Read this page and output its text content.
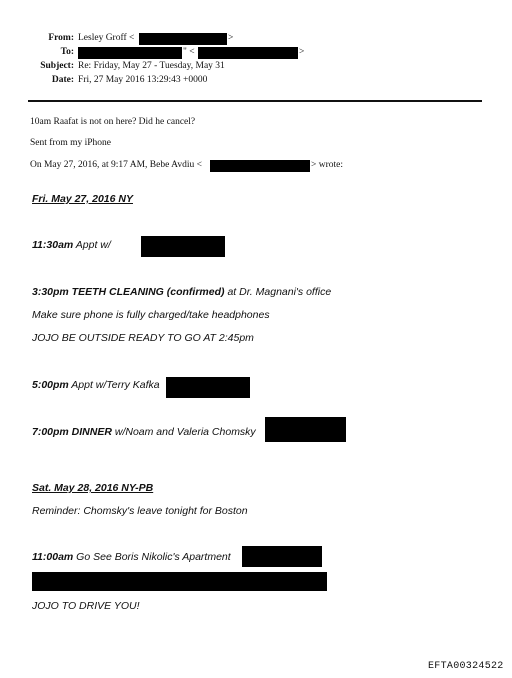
From: Lesley Groff <	>
To:	" <	>
Subject: Re: Friday, May 27 - Tuesday, May 31
Date: Fri, 27 May 2016 13:29:43 +0000
10am Raafat is not on here? Did he cancel?
Sent from my iPhone
On May 27, 2016, at 9:17 AM, Bebe Avdiu <	> wrote:
Fri. May 27, 2016 NY
11:30am Appt w/
3:30pm TEETH CLEANING (confirmed) at Dr. Magnani's office
Make sure phone is fully charged/take headphones
JOJO BE OUTSIDE READY TO GO AT 2:45pm
5:00pm Appt w/Terry Kafka
7:00pm DINNER w/Noam and Valeria Chomsky
Sat. May 28, 2016 NY-PB
Reminder: Chomsky's leave tonight for Boston
11:00am Go See Boris Nikolic's Apartment
JOJO TO DRIVE YOU!
EFTA00324522
